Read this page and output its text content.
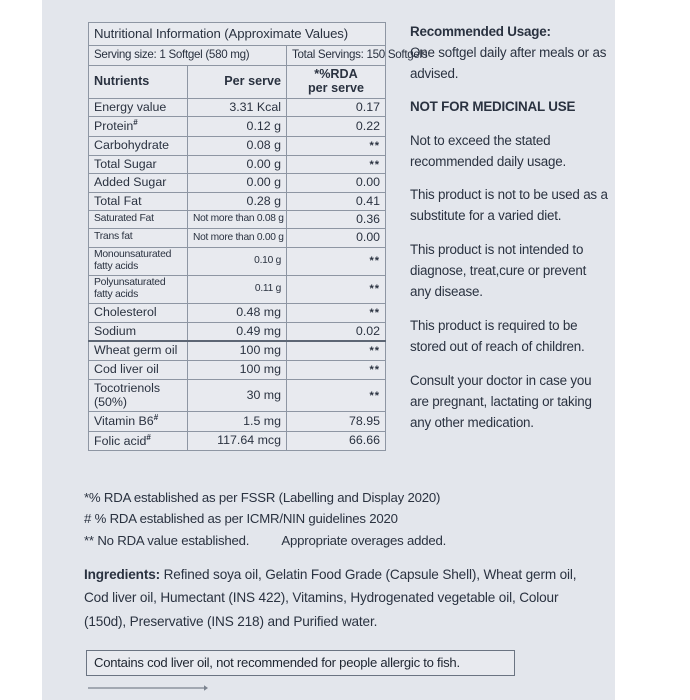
Nutritional Information (Approximate Values)		
Serving size: 1 Softgel (580 mg)		Total Servings: 150 Softgels
Nutrients	Per serve	*%RDA
per serve

Energy value	3.31 Kcal	0.17
Protein#	0.12 g	0.22
Carbohydrate	0.08 g	**
Total Sugar	0.00 g	**
Added Sugar	0.00 g	0.00
Total Fat	0.28 g	0.41
Saturated Fat	Not more than 0.08 g	0.36
Trans fat	Not more than 0.00 g	0.00
Monounsaturated fatty acids	0.10 g	**
Polyunsaturated fatty acids	0.11 g	**
Cholesterol	0.48 mg	**
Sodium	0.49 mg	0.02
Wheat germ oil	100 mg	**
Cod liver oil	100 mg	**
Tocotrienols (50%)	30 mg	**
Vitamin B6#	1.5 mg	78.95
Folic acid#	117.64 mcg	66.66
*% RDA established as per FSSR (Labelling and Display 2020)
# % RDA established as per ICMR/NIN guidelines 2020
** No RDA value established. Appropriate overages added.
Ingredients: Refined soya oil, Gelatin Food Grade (Capsule Shell), Wheat germ oil, Cod liver oil, Humectant (INS 422), Vitamins, Hydrogenated vegetable oil, Colour (150d), Preservative (INS 218) and Purified water.
Contains cod liver oil, not recommended for people allergic to fish.

Recommended Usage:
One softgel daily after meals or as advised.

NOT FOR MEDICINAL USE

Not to exceed the stated recommended daily usage.

This product is not to be used as a substitute for a varied diet.

This product is not intended to diagnose, treat,cure or prevent any disease.

This product is required to be stored out of reach of children.

Consult your doctor in case you are pregnant, lactating or taking any other medication.
